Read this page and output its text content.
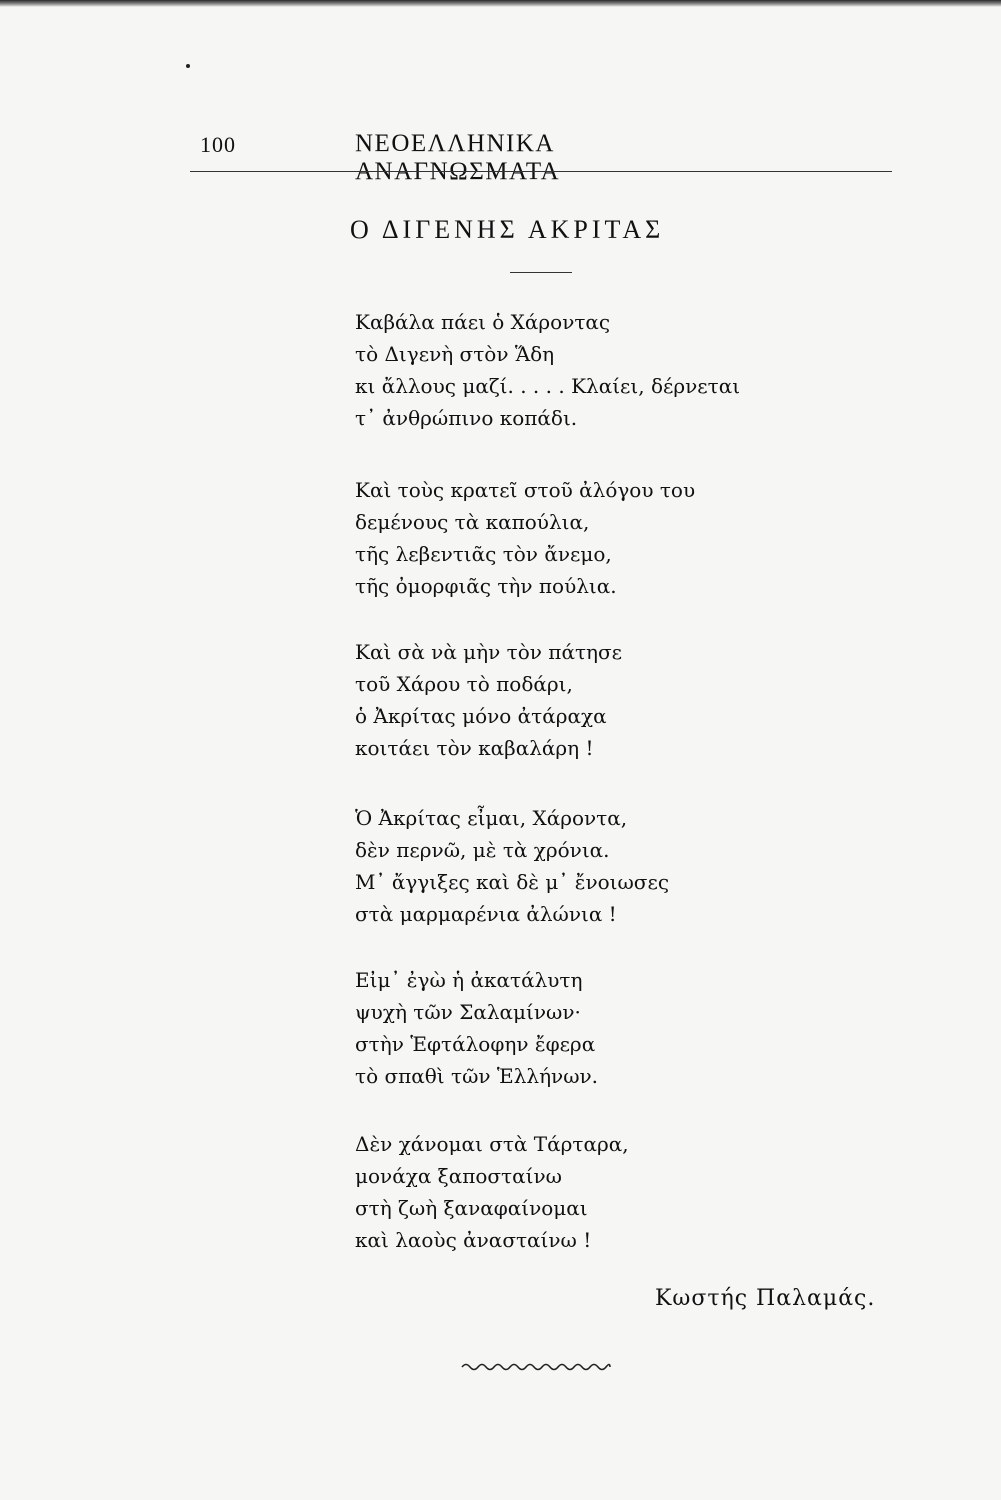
100	ΝΕΟΕΛΛΗΝΙΚΑ ΑΝΑΓΝΩΣΜΑΤΑ
Ο ΔΙΓΕΝΗΣ ΑΚΡΙΤΑΣ
Καβάλα πάει ὁ Χάροντας
τὸ Διγενὴ στὸν Ἅδη
κι ἄλλους μαζί. . . . . Κλαίει, δέρνεται
τ᾽ ἀνθρώπινο κοπάδι.
Καὶ τοὺς κρατεῖ στοῦ ἀλόγου του
δεμένους τὰ καπούλια,
τῆς λεβεντιᾶς τὸν ἄνεμο,
τῆς ὀμορφιᾶς τὴν πούλια.
Καὶ σὰ νὰ μὴν τὸν πάτησε
τοῦ Χάρου τὸ ποδάρι,
ὁ Ἀκρίτας μόνο ἀτάραχα
κοιτάει τὸν καβαλάρη !
Ὁ Ἀκρίτας εἶμαι, Χάροντα,
δὲν περνῶ, μὲ τὰ χρόνια.
Μ᾽ ἄγγιξες καὶ δὲ μ᾽ ἔνοιωσες
στὰ μαρμαρένια ἀλώνια !
Εἰμ᾽ ἐγὼ ἡ ἀκατάλυτη
ψυχὴ τῶν Σαλαμίνων·
στὴν Ἑφτάλοφην ἔφερα
τὸ σπαθὶ τῶν Ἑλλήνων.
Δὲν χάνομαι στὰ Τάρταρα,
μονάχα ξαποσταίνω
στὴ ζωὴ ξαναφαίνομαι
καὶ λαοὺς ἀνασταίνω !
Κωστής Παλαμάς.
